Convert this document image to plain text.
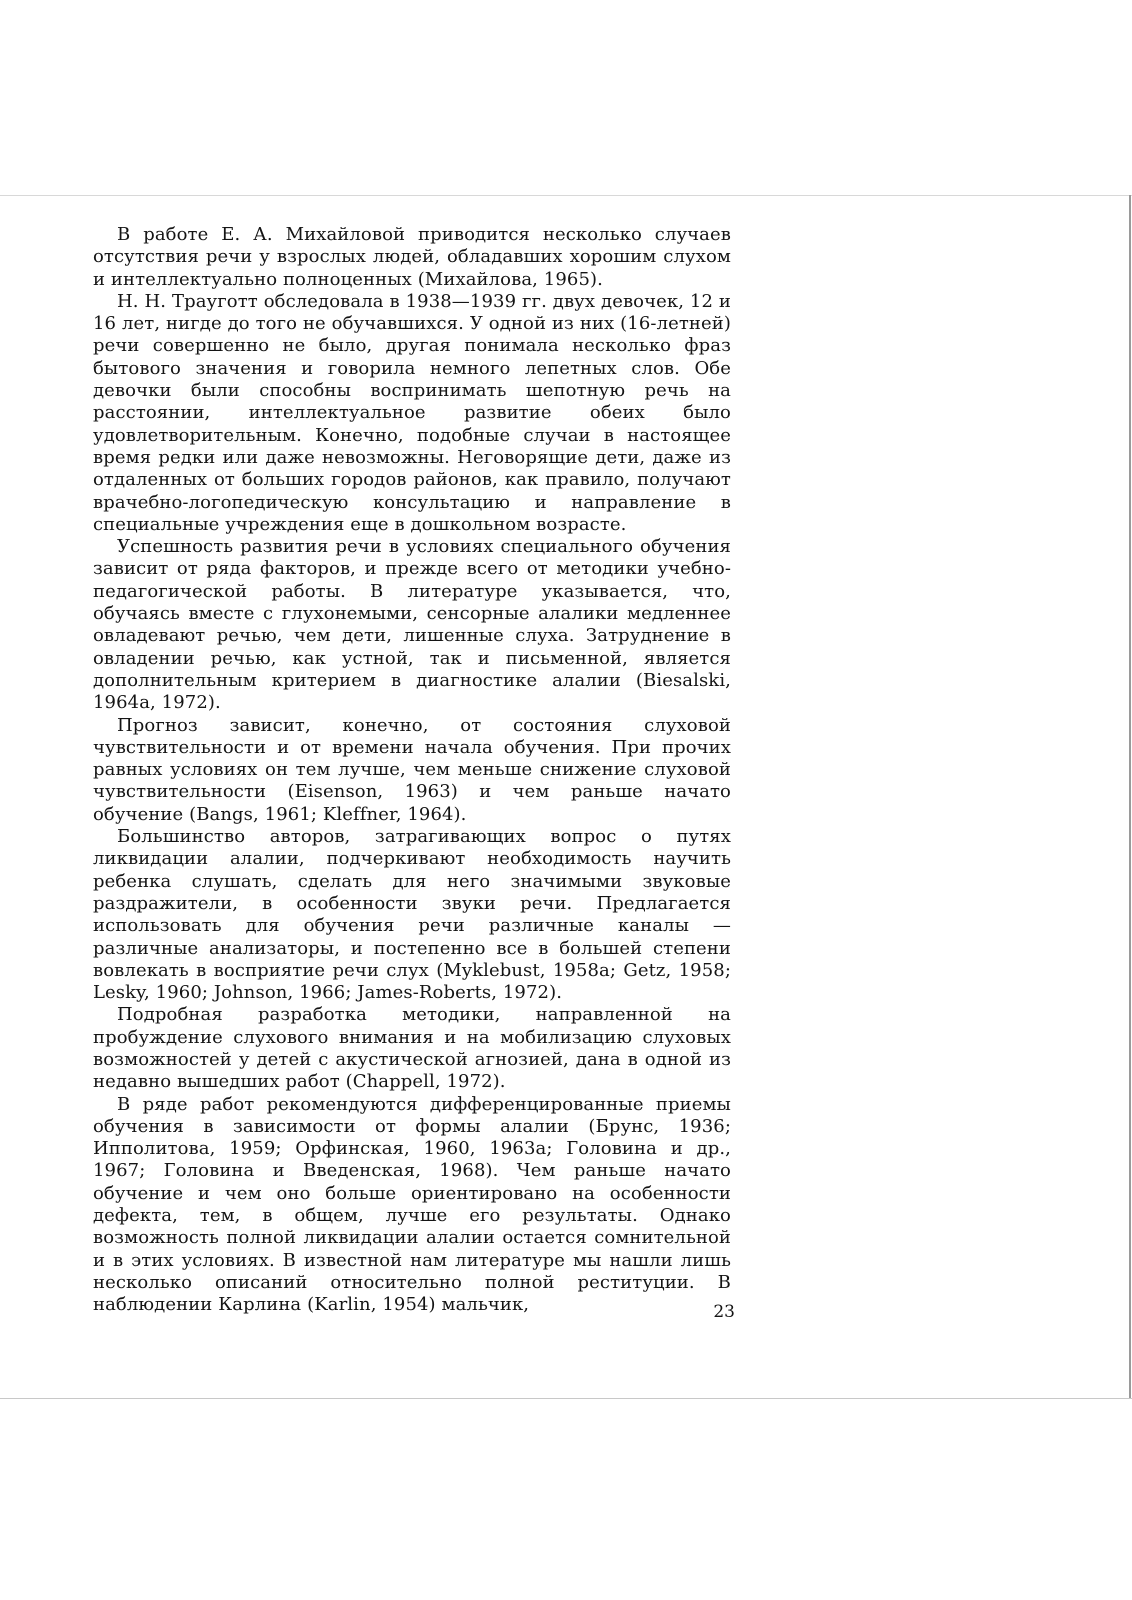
В работе Е. А. Михайловой приводится несколько случаев отсутствия речи у взрослых людей, обладавших хорошим слухом и интеллектуально полноценных (Михайлова, 1965).

Н. Н. Трауготт обследовала в 1938—1939 гг. двух девочек, 12 и 16 лет, нигде до того не обучавшихся. У одной из них (16-летней) речи совершенно не было, другая понимала несколько фраз бытового значения и говорила немного лепетных слов. Обе девочки были способны воспринимать шепотную речь на расстоянии, интеллектуальное развитие обеих было удовлетворительным. Конечно, подобные случаи в настоящее время редки или даже невозможны. Неговорящие дети, даже из отдаленных от больших городов районов, как правило, получают врачебно-логопедическую консультацию и направление в специальные учреждения еще в дошкольном возрасте.

Успешность развития речи в условиях специального обучения зависит от ряда факторов, и прежде всего от методики учебно-педагогической работы. В литературе указывается, что, обучаясь вместе с глухонемыми, сенсорные алалики медленнее овладевают речью, чем дети, лишенные слуха. Затруднение в овладении речью, как устной, так и письменной, является дополнительным критерием в диагностике алалии (Biesalski, 1964a, 1972).

Прогноз зависит, конечно, от состояния слуховой чувствительности и от времени начала обучения. При прочих равных условиях он тем лучше, чем меньше снижение слуховой чувствительности (Eisenson, 1963) и чем раньше начато обучение (Bangs, 1961; Kleffner, 1964).

Большинство авторов, затрагивающих вопрос о путях ликвидации алалии, подчеркивают необходимость научить ребенка слушать, сделать для него значимыми звуковые раздражители, в особенности звуки речи. Предлагается использовать для обучения речи различные каналы — различные анализаторы, и постепенно все в большей степени вовлекать в восприятие речи слух (Myklebust, 1958a; Getz, 1958; Lesky, 1960; Johnson, 1966; James-Roberts, 1972).

Подробная разработка методики, направленной на пробуждение слухового внимания и на мобилизацию слуховых возможностей у детей с акустической агнозией, дана в одной из недавно вышедших работ (Chappell, 1972).

В ряде работ рекомендуются дифференцированные приемы обучения в зависимости от формы алалии (Брунс, 1936; Ипполитова, 1959; Орфинская, 1960, 1963a; Головина и др., 1967; Головина и Введенская, 1968). Чем раньше начато обучение и чем оно больше ориентировано на особенности дефекта, тем, в общем, лучше его результаты. Однако возможность полной ликвидации алалии остается сомнительной и в этих условиях. В известной нам литературе мы нашли лишь несколько описаний относительно полной реституции. В наблюдении Карлина (Karlin, 1954) мальчик,	23
